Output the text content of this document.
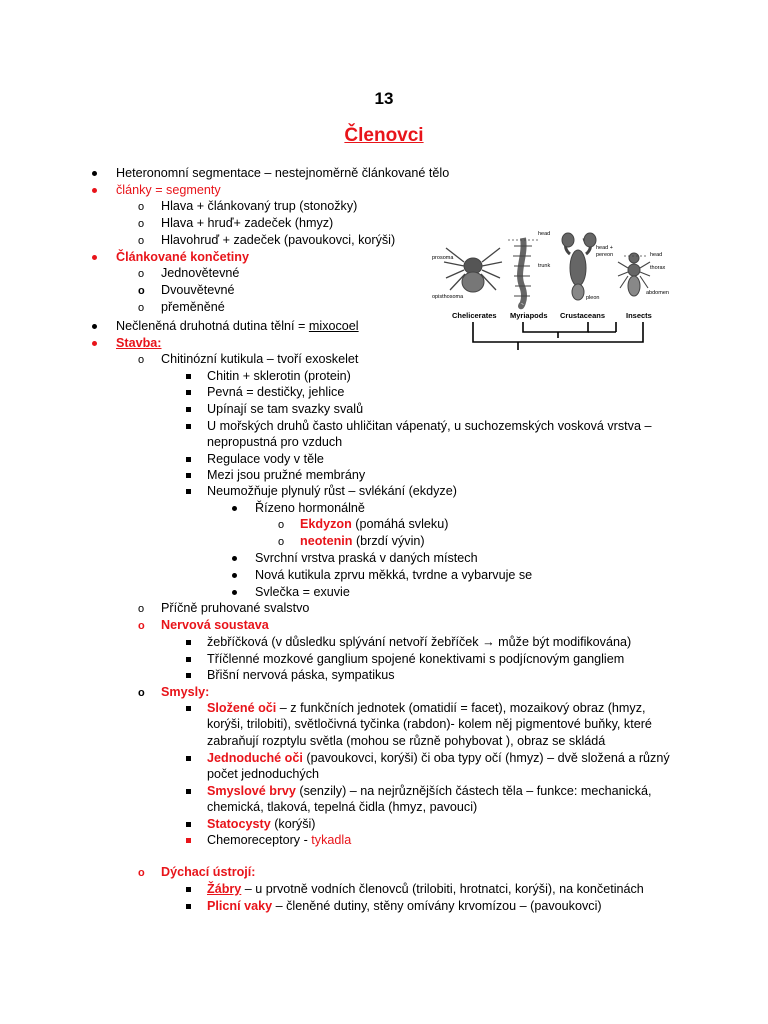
13
Členovci
Heteronomní segmentace – nestejnoměrně článkované tělo
články = segmenty
o Hlava + článkovaný trup (stonožky)
o Hlava + hruď+ zadeček (hmyz)
o Hlavohruď + zadeček (pavoukovci, korýši)
Článkované končetiny
o Jednovětevné
o Dvouvětevné
o přeměněné
Nečleněná druhotná dutina tělní = mixocoel
Stavba:
o Chitinózní kutikula – tvoří exoskelet
Chitin + sklerotin (protein)
Pevná = destičky, jehlice
Upínají se tam svazky svalů
U mořských druhů často uhličitan vápenatý, u suchozemských vosková vrstva –
nepropustná pro vzduch
Regulace vody v těle
Mezi jsou pružné membrány
Neumožňuje plynulý růst – svlékání (ekdyze)
Řízeno hormonálně
o Ekdyzon (pomáhá svleku)
o neotenin (brzdí vývin)
Svrchní vrstva praská v daných místech
Nová kutikula zprvu měkká, tvrdne a vybarvuje se
Svlečka = exuvie
o Příčně pruhované svalstvo
o Nervová soustava
žebříčková (v důsledku splývání netvoří žebříček → může být modifikována)
Tříčlenné mozkové ganglium spojené konektivami s podjícnovým gangliem
Břišní nervová páska, sympatikus
o Smysly:
Složené oči – z funkčních jednotek (omatidií = facet), mozaikový obraz (hmyz,
korýši, trilobiti), světločivná tyčinka (rabdon)- kolem něj pigmentové buňky, které
zabraňují rozptylu světla (mohou se různě pohybovat ), obraz se skládá
Jednoduché oči (pavoukovci, korýši) či oba typy očí (hmyz) – dvě složená a různý
počet jednoduchých
Smyslové brvy (senzily) – na nejrůznějších částech těla – funkce: mechanická,
chemická, tlaková, tepelná čidla (hmyz, pavouci)
Statocysty (korýši)
Chemoreceptory - tykadla
o Dýchací ústrojí:
Žábry – u prvotně vodních členovců (trilobiti, hrotnatci, korýši), na končetinách
Plicní vaky – členěné dutiny, stěny omívány krvomízou – (pavoukovci)
prosoma
opisthosoma
head
trunk
head +
pereon
pleon
head
thorax
abdomen
Chelicerates Myriapods Crustaceans	Insects
